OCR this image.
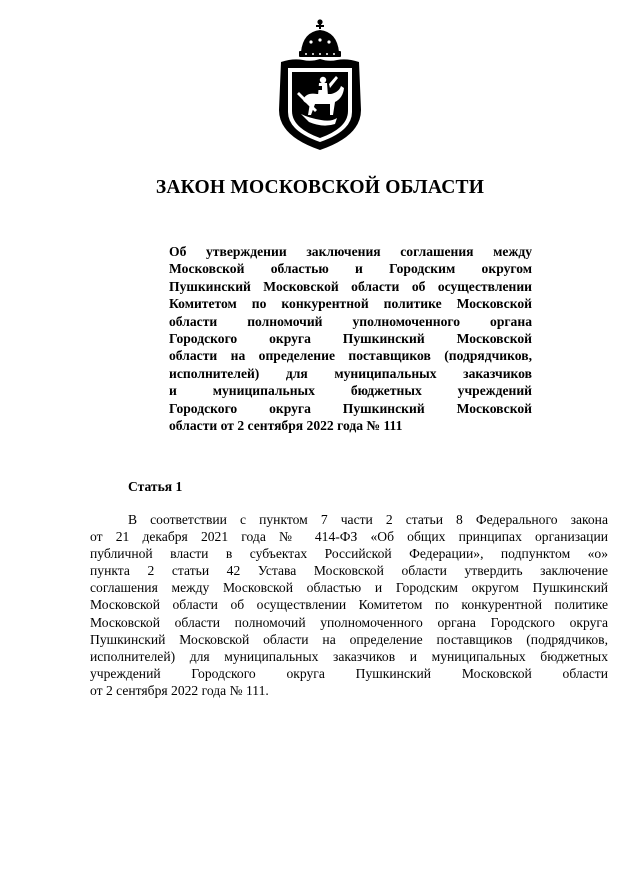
ЗАКОН МОСКОВСКОЙ ОБЛАСТИ
Об утверждении заключения соглашения между
Московской областью и Городским округом
Пушкинский Московской области об осуществлении
Комитетом по конкурентной политике Московской
области полномочий уполномоченного органа
Городского округа Пушкинский Московской
области на определение поставщиков (подрядчиков,
исполнителей) для муниципальных заказчиков
и муниципальных бюджетных учреждений
Городского округа Пушкинский Московской
области от 2 сентября 2022 года № 111
Статья 1
В соответствии с пунктом 7 части 2 статьи 8 Федерального закона
от 21 декабря 2021 года № 414-ФЗ «Об общих принципах организации
публичной власти в субъектах Российской Федерации», подпунктом «о»
пункта 2 статьи 42 Устава Московской области утвердить заключение
соглашения между Московской областью и Городским округом Пушкинский
Московской области об осуществлении Комитетом по конкурентной политике
Московской области полномочий уполномоченного органа Городского округа
Пушкинский Московской области на определение поставщиков (подрядчиков,
исполнителей) для муниципальных заказчиков и муниципальных бюджетных
учреждений Городского округа Пушкинский Московской области
от 2 сентября 2022 года № 111.
